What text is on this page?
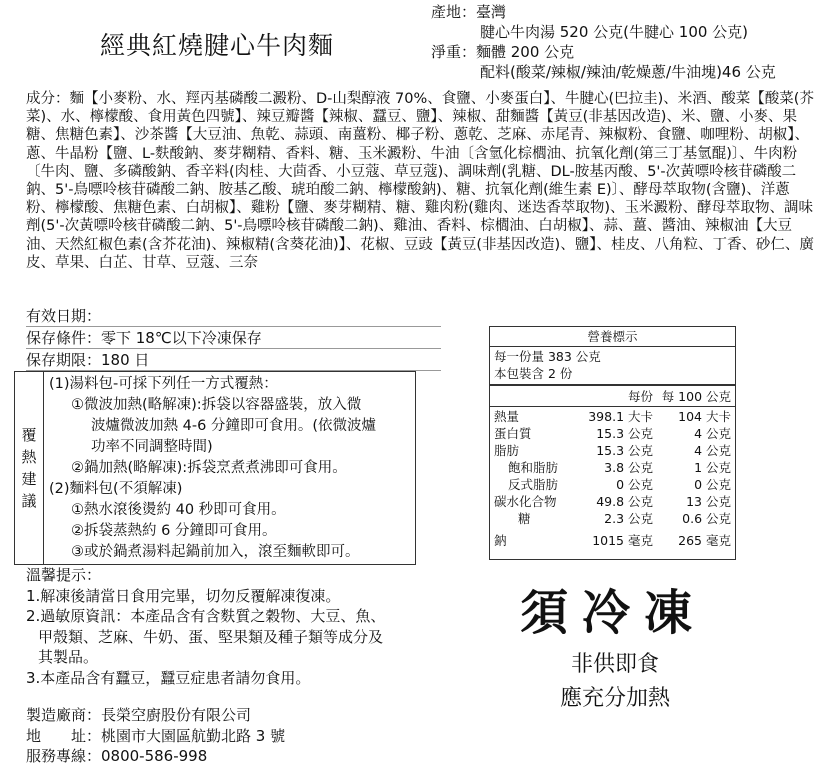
經典紅燒腱心牛肉麵
產地：臺灣
腱心牛肉湯 520 公克(牛腱心 100 公克)
淨重：麵體 200 公克
配料(酸菜/辣椒/辣油/乾燥蔥/牛油塊)46 公克
成分：麵【小麥粉、水、羥丙基磷酸二澱粉、D-山梨醇液 70%、食鹽、小麥蛋白】、牛腱心(巴拉圭)、米酒、酸菜【酸菜(芥菜)、水、檸檬酸、食用黃色四號】、辣豆瓣醬【辣椒、蠶豆、鹽】、辣椒、甜麵醬【黃豆(非基因改造)、米、鹽、小麥、果糖、焦糖色素】、沙茶醬【大豆油、魚乾、蒜頭、南薑粉、椰子粉、蔥乾、芝麻、赤尾青、辣椒粉、食鹽、咖哩粉、胡椒】、蔥、牛晶粉【鹽、L-麩酸鈉、麥芽糊精、香料、糖、玉米澱粉、牛油〔含氫化棕櫚油、抗氧化劑(第三丁基氫醌)〕、牛肉粉〔牛肉、鹽、多磷酸鈉、香辛料(肉桂、大茴香、小豆蔻、草豆蔻)、調味劑(乳糖、DL-胺基丙酸、5'-次黃嘌呤核苷磷酸二鈉、5'-鳥嘌呤核苷磷酸二鈉、胺基乙酸、琥珀酸二鈉、檸檬酸鈉)、糖、抗氧化劑(維生素 E)〕、酵母萃取物(含鹽)、洋蔥粉、檸檬酸、焦糖色素、白胡椒】、雞粉【鹽、麥芽糊精、糖、雞肉粉(雞肉、迷迭香萃取物)、玉米澱粉、酵母萃取物、調味劑(5'-次黃嘌呤核苷磷酸二鈉、5'-鳥嘌呤核苷磷酸二鈉)、雞油、香料、棕櫚油、白胡椒】、蒜、薑、醬油、辣椒油【大豆油、天然紅椒色素(含芥花油)、辣椒精(含葵花油)】、花椒、豆豉【黃豆(非基因改造)、鹽】、桂皮、八角粒、丁香、砂仁、廣皮、草果、白芷、甘草、豆蔻、三奈
有效日期：
保存條件：零下 18℃以下冷凍保存
保存期限：180 日
覆
熱
建
議
(1)湯料包-可採下列任一方式覆熱：
①微波加熱(略解凍):拆袋以容器盛裝，放入微
波爐微波加熱 4-6 分鐘即可食用。(依微波爐
功率不同調整時間)
②鍋加熱(略解凍):拆袋烹煮煮沸即可食用。
(2)麵料包(不須解凍)
①熱水滾後燙約 40 秒即可食用。
②拆袋蒸熱約 6 分鐘即可食用。
③或於鍋煮湯料起鍋前加入，滾至麵軟即可。
溫馨提示：
1.解凍後請當日食用完畢，切勿反覆解凍復凍。
2.過敏原資訊：本產品含有含麩質之穀物、大豆、魚、
甲殼類、芝麻、牛奶、蛋、堅果類及種子類等成分及
其製品。
3.本產品含有蠶豆，蠶豆症患者請勿食用。
製造廠商：長榮空廚股份有限公司
地　　址：桃園市大園區航勤北路 3 號
服務專線：0800-586-998
營養標示
每一份量 383 公克
本包裝含 2 份
每份 每 100 公克
熱量	398.1 大卡 104 大卡
蛋白質	15.3 公克	4 公克
脂肪	15.3 公克	4 公克
飽和脂肪	3.8 公克	1 公克
反式脂肪	0 公克	0 公克
碳水化合物	49.8 公克	13 公克
糖	2.3 公克 0.6 公克
鈉	1015 毫克 265 毫克
須冷凍
非供即食
應充分加熱
